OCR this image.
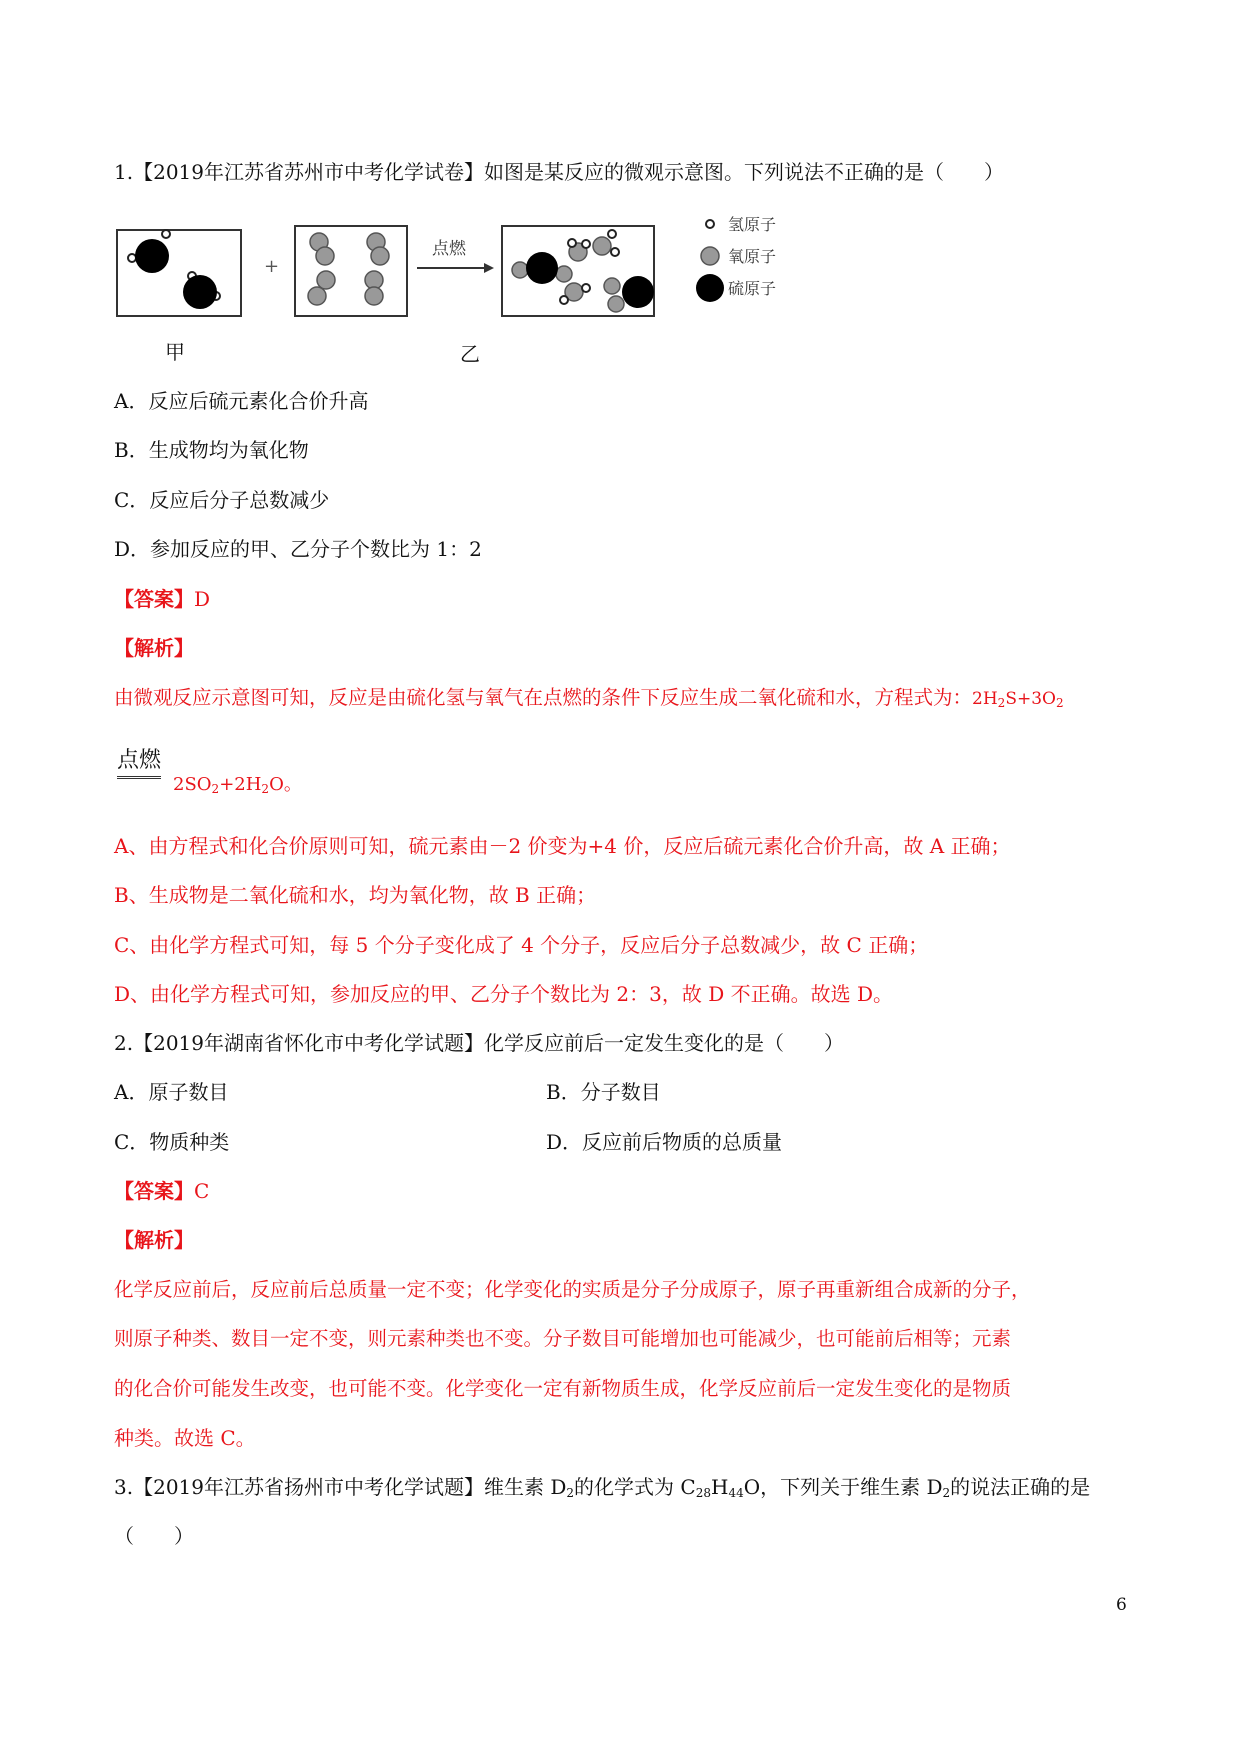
1.【2019年江苏省苏州市中考化学试卷】如图是某反应的微观示意图。下列说法不正确的是（　　）
+
点燃
氢原子
氧原子
硫原子
甲	乙
A．反应后硫元素化合价升高
B．生成物均为氧化物
C．反应后分子总数减少
D．参加反应的甲、乙分子个数比为 1：2
【答案】D
【解析】
由微观反应示意图可知，反应是由硫化氢与氧气在点燃的条件下反应生成二氧化硫和水，方程式为：$2H_2S+3O_2$
点燃
$2SO_2+2H_2O$。
A、由方程式和化合价原则可知，硫元素由－2 价变为+4 价，反应后硫元素化合价升高，故 A 正确；
B、生成物是二氧化硫和水，均为氧化物，故 B 正确；
C、由化学方程式可知，每 5 个分子变化成了 4 个分子，反应后分子总数减少，故 C 正确；
D、由化学方程式可知，参加反应的甲、乙分子个数比为 2：3，故 D 不正确。故选 D。
2.【2019年湖南省怀化市中考化学试题】化学反应前后一定发生变化的是（　　）
A．原子数目	B．分子数目
C．物质种类	D．反应前后物质的总质量
【答案】C
【解析】
化学反应前后，反应前后总质量一定不变；化学变化的实质是分子分成原子，原子再重新组合成新的分子，
则原子种类、数目一定不变，则元素种类也不变。分子数目可能增加也可能减少，也可能前后相等；元素
的化合价可能发生改变，也可能不变。化学变化一定有新物质生成，化学反应前后一定发生变化的是物质
种类。故选 C。
3.【2019年江苏省扬州市中考化学试题】维生素 $D_2$的化学式为 $C_{28}H_{44}O$，下列关于维生素 $D_2$的说法正确的是
（　　）
6
